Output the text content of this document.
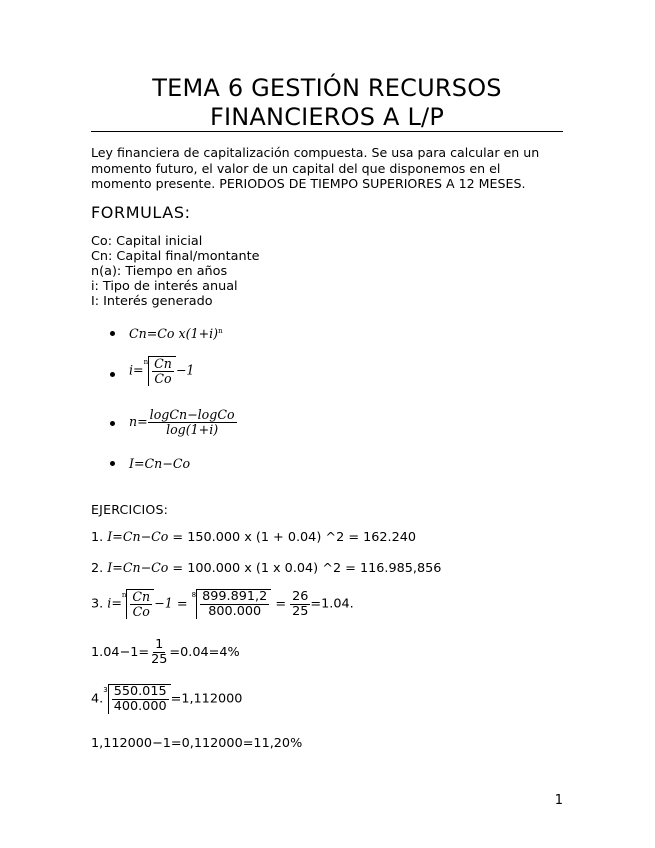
TEMA 6 GESTIÓN RECURSOS
FINANCIEROS A L/P
Ley financiera de capitalización compuesta. Se usa para calcular en un momento futuro, el valor de un capital del que disponemos en el momento presente. PERIODOS DE TIEMPO SUPERIORES A 12 MESES.
FORMULAS:
Co: Capital inicial
Cn: Capital final/montante
n(a): Tiempo en años
i: Tipo de interés anual
I: Interés generado
Cn=Co $x(1+i)^n$
i=
n $\frac{Cn}{Co} -1$
$n= \frac{\text{logCn−logCo}}{\log(1+i)}$
I=Cn−Co
EJERCICIOS:
1. I=Cn−Co = 150.000 x (1 + 0.04) ^2 = 162.240
2. I=Cn−Co = 100.000 x (1 x 0.04) ^2 = 116.985,856
3. i=
n $\frac{Cn}{Co} -1$ =
$8 \frac{899.891,2}{800.000} = \frac{26}{25} =1.04$.
$1.04-1= \frac{1}{25} =0.04=4\%$
4.
$3 \frac{550.015}{400.000} =1,112000$
1,112000−1=0,112000=11,20%
1
